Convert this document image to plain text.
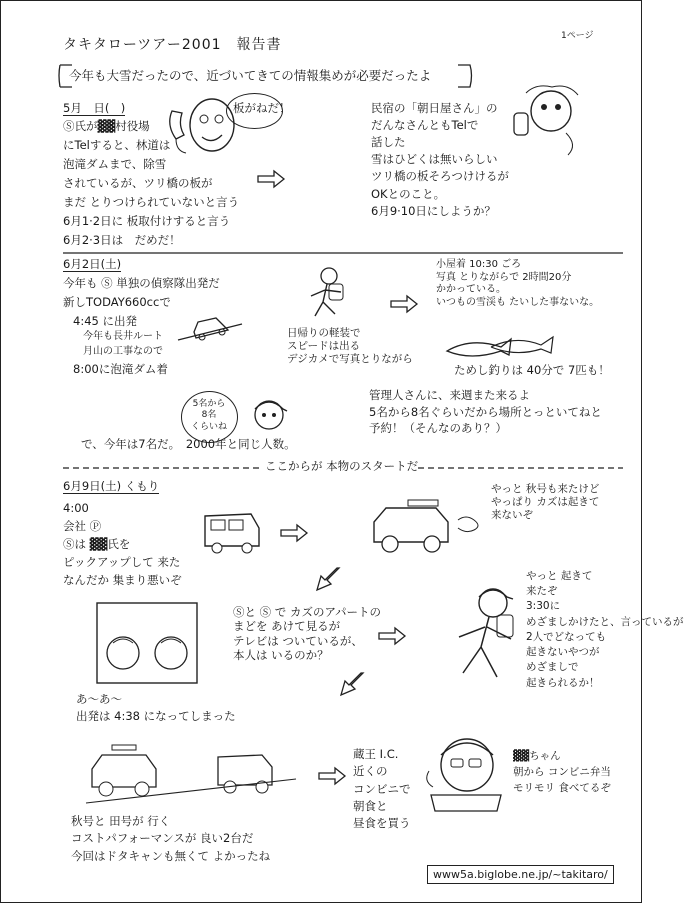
タキタローツアー2001　報告書
1ページ
今年も大雪だったので、近づいてきての情報集めが必要だったよ
5月　日(　)
Ⓢ氏が▓▓村役場
にTelすると、林道は
泡滝ダムまで、除雪
されているが、ツリ橋の板が
まだ とりつけられていないと言う
6月1·2日に 板取付けすると言う
6月2·3日は　だめだ！
板がねだ！	民宿の「朝日屋さん」の
だんなさんともTelで
話した
雪はひどくは無いらしい
ツリ橋の板そろつけけるが
OKとのこと。
6月9·10日にしようか？
6月2日(土)
今年も Ⓢ 単独の偵察隊出発だ
新しTODAY660ccで
4:45 に出発
今年も長井ルート
月山の工事なので
8:00に泡滝ダム着
日帰りの軽装で
スピードは出る
デジカメで写真とりながら
小屋着 10:30 ごろ
写真 とりながらで 2時間20分
かかっている。
いつもの雪渓も たいした事ないな。
ためし釣りは 40分で 7匹も！
管理人さんに、来週また来るよ
5名から8名ぐらいだから場所とっといてねと
予約！（そんなのあり？）
5名から
8名
くらいね
で、今年は7名だ。　2000年と同じ人数。
ここからが 本物のスタートだ
6月9日(土) くもり
4:00
会社 Ⓟ
Ⓢは ▓▓氏を
ピックアップして 来た
なんだか 集まり悪いぞ
やっと 秋号も来たけど
やっぱり カズは起きて
来ないぞ
Ⓢと Ⓢ で カズのアパートの
まどを あけて見るが
テレビは ついているが、
本人は いるのか？
やっと 起きて
来たぞ
3:30に
めざましかけたと、言っているが
2人でどなっても
起きないやつが
めざましで
起きられるか！
あ〜あ〜
出発は 4:38 になってしまった
秋号と 田号が 行く
コストパフォーマンスが 良い2台だ
今回はドタキャンも無くて よかったね
蔵王 I.C.
近くの
コンビニで
朝食と
昼食を買う
▓▓ちゃん
朝から コンビニ弁当
モリモリ 食べてるぞ
www5a.biglobe.ne.jp/~takitaro/
